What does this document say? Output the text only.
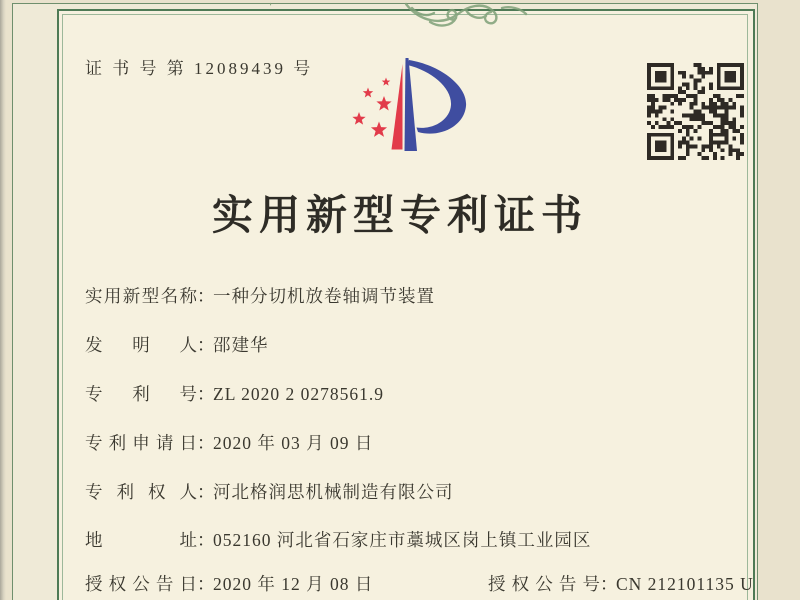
证 书 号 第 12089439 号
实用新型专利证书
实用新型名称：一种分切机放卷轴调节装置
发明人：邵建华
专利号：ZL 2020 2 0278561.9
专利申请日：2020 年 03 月 09 日
专利权人：河北格润思机械制造有限公司
地址：052160 河北省石家庄市藁城区岗上镇工业园区
授权公告日：2020 年 12 月 08 日	授权公告号：CN 212101135 U
